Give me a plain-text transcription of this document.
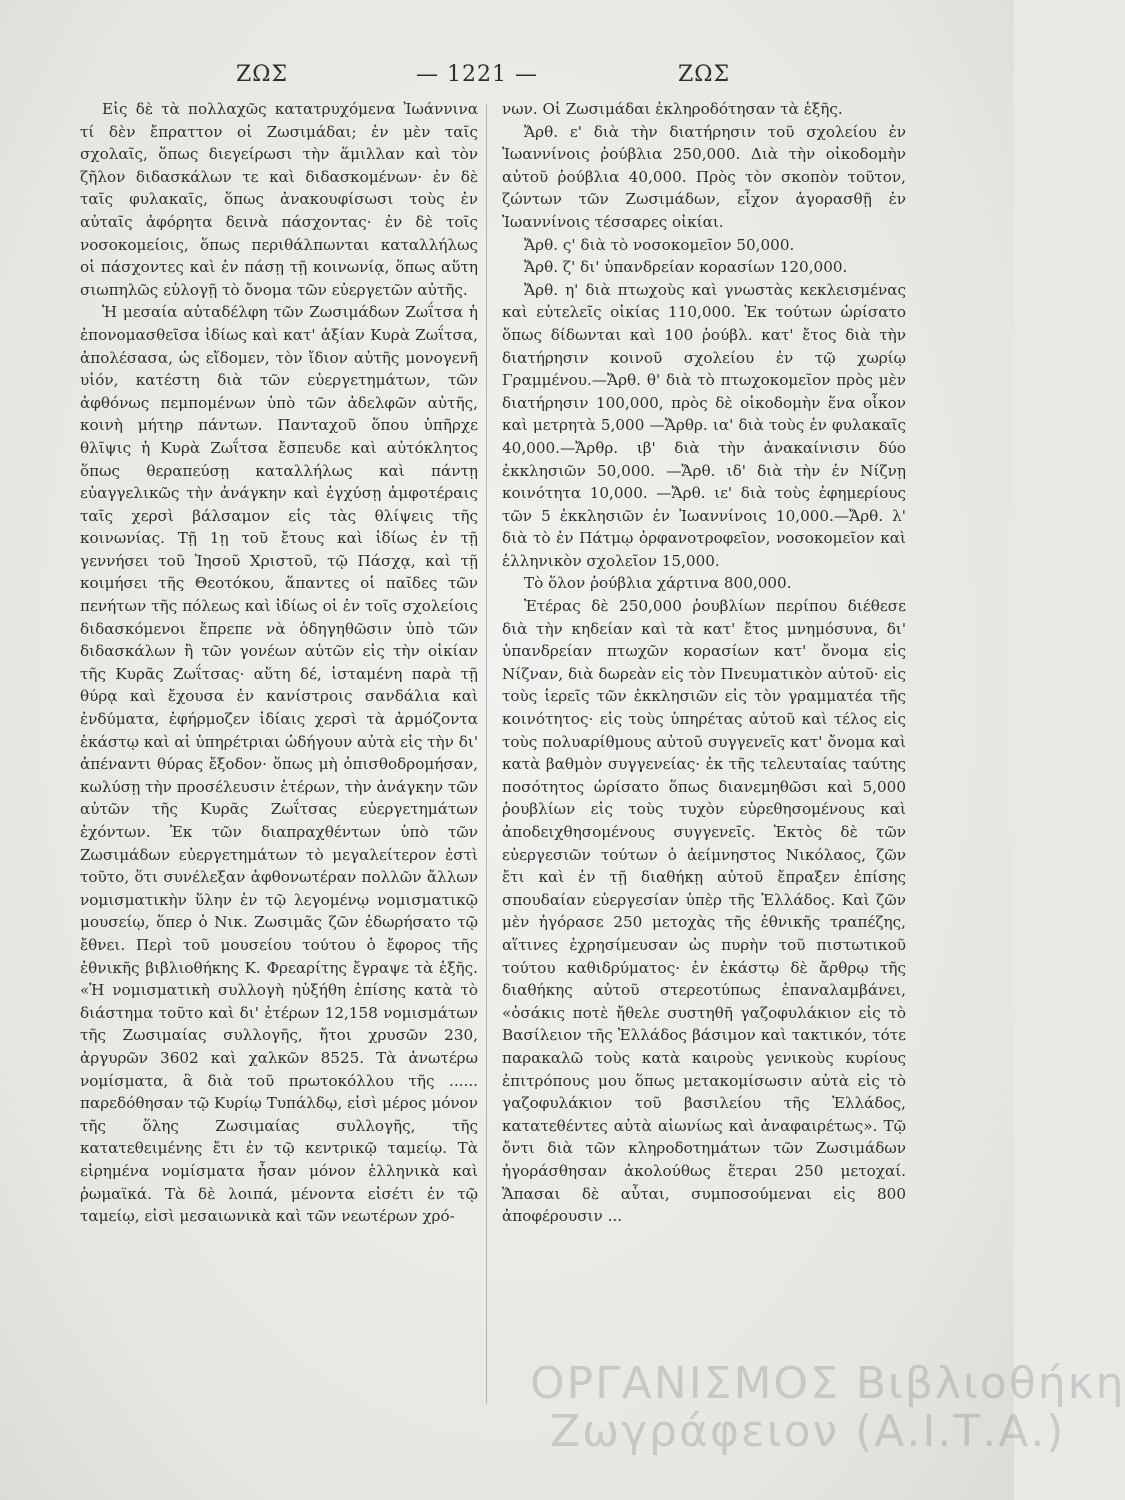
ΖΩΣ	— 1221 —	ΖΩΣ

Εἰς δὲ τὰ πολλαχῶς κατατρυχόμενα Ἰωάννινα τί δὲν ἔπραττον οἱ Ζωσιμάδαι; ἐν μὲν ταῖς σχολαῖς, ὅπως διεγείρωσι τὴν ἅμιλλαν καὶ τὸν ζῆλον διδασκάλων τε καὶ διδασκομένων· ἐν δὲ ταῖς φυλακαῖς, ὅπως ἀνακουφίσωσι τοὺς ἐν αὐταῖς ἀφόρητα δεινὰ πάσχοντας· ἐν δὲ τοῖς νοσοκομείοις, ὅπως περιθάλπωνται καταλλήλως οἱ πάσχοντες καὶ ἐν πάσῃ τῇ κοινωνίᾳ, ὅπως αὕτη σιωπηλῶς εὐλογῇ τὸ ὄνομα τῶν εὐεργετῶν αὐτῆς.

Ἡ μεσαία αὐταδέλφη τῶν Ζωσιμάδων Ζωΐτσα ἡ ἐπονομασθεῖσα ἰδίως καὶ κατ' ἀξίαν Κυρὰ Ζωΐτσα, ἀπολέσασα, ὡς εἴδομεν, τὸν ἴδιον αὐτῆς μονογενῆ υἱόν, κατέστη διὰ τῶν εὐεργετημάτων, τῶν ἀφθόνως πεμπομένων ὑπὸ τῶν ἀδελφῶν αὐτῆς, κοινὴ μήτηρ πάντων. Πανταχοῦ ὅπου ὑπῆρχε θλῖψις ἡ Κυρὰ Ζωΐτσα ἔσπευδε καὶ αὐτόκλητος ὅπως θεραπεύσῃ καταλλήλως καὶ πάντῃ εὐαγγελικῶς τὴν ἀνάγκην καὶ ἐγχύσῃ ἀμφοτέραις ταῖς χερσὶ βάλσαμον εἰς τὰς θλίψεις τῆς κοινωνίας. Τῇ 1ῃ τοῦ ἔτους καὶ ἰδίως ἐν τῇ γεννήσει τοῦ Ἰησοῦ Χριστοῦ, τῷ Πάσχᾳ, καὶ τῇ κοιμήσει τῆς Θεοτόκου, ἅπαντες οἱ παῖδες τῶν πενήτων τῆς πόλεως καὶ ἰδίως οἱ ἐν τοῖς σχολείοις διδασκόμενοι ἔπρεπε νὰ ὁδηγηθῶσιν ὑπὸ τῶν διδασκάλων ἢ τῶν γονέων αὐτῶν εἰς τὴν οἰκίαν τῆς Κυρᾶς Ζωΐτσας· αὕτη δέ, ἱσταμένη παρὰ τῇ θύρᾳ καὶ ἔχουσα ἐν κανίστροις σανδάλια καὶ ἐνδύματα, ἐφήρμοζεν ἰδίαις χερσὶ τὰ ἁρμόζοντα ἑκάστῳ καὶ αἱ ὑπηρέτριαι ὡδήγουν αὐτὰ εἰς τὴν δι' ἀπέναντι θύρας ἔξοδον· ὅπως μὴ ὀπισθοδρομήσαν, κωλύσῃ τὴν προσέλευσιν ἑτέρων, τὴν ἀνάγκην τῶν αὐτῶν τῆς Κυρᾶς Ζωΐτσας εὐεργετημάτων ἐχόντων. Ἐκ τῶν διαπραχθέντων ὑπὸ τῶν Ζωσιμάδων εὐεργετημάτων τὸ μεγαλείτερον ἐστὶ τοῦτο, ὅτι συνέλεξαν ἀφθονωτέραν πολλῶν ἄλλων νομισματικὴν ὕλην ἐν τῷ λεγομένῳ νομισματικῷ μουσείῳ, ὅπερ ὁ Νικ. Ζωσιμᾶς ζῶν ἐδωρήσατο τῷ ἔθνει. Περὶ τοῦ μουσείου τούτου ὁ ἔφορος τῆς ἐθνικῆς βιβλιοθήκης Κ. Φρεαρίτης ἔγραψε τὰ ἑξῆς. «Ἡ νομισματικὴ συλλογὴ ηὐξήθη ἐπίσης κατὰ τὸ διάστημα τοῦτο καὶ δι' ἑτέρων 12,158 νομισμάτων τῆς Ζωσιμαίας συλλογῆς, ἤτοι χρυσῶν 230, ἀργυρῶν 3602 καὶ χαλκῶν 8525. Τὰ ἀνωτέρω νομίσματα, ἃ διὰ τοῦ πρωτοκόλλου τῆς ...... παρεδόθησαν τῷ Κυρίῳ Τυπάλδῳ, εἰσὶ μέρος μόνον τῆς ὅλης Ζωσιμαίας συλλογῆς, τῆς κατατεθειμένης ἔτι ἐν τῷ κεντρικῷ ταμείῳ. Τὰ εἰρημένα νομίσματα ἦσαν μόνον ἑλληνικὰ καὶ ῥωμαϊκά. Τὰ δὲ λοιπά, μένοντα εἰσέτι ἐν τῷ ταμείῳ, εἰσὶ μεσαιωνικὰ καὶ τῶν νεωτέρων χρό-

νων. Οἱ Ζωσιμάδαι ἐκληροδότησαν τὰ ἑξῆς.

Ἄρθ. ε' διὰ τὴν διατήρησιν τοῦ σχολείου ἐν Ἰωαννίνοις ῥούβλια 250,000. Διὰ τὴν οἰκοδομὴν αὐτοῦ ῥούβλια 40,000. Πρὸς τὸν σκοπὸν τοῦτον, ζώντων τῶν Ζωσιμάδων, εἶχον ἀγορασθῇ ἐν Ἰωαννίνοις τέσσαρες οἰκίαι.

Ἄρθ. ς' διὰ τὸ νοσοκομεῖον 50,000.

Ἄρθ. ζ' δι' ὑπανδρείαν κορασίων 120,000.

Ἄρθ. η' διὰ πτωχοὺς καὶ γνωστὰς κεκλεισμένας καὶ εὐτελεῖς οἰκίας 110,000. Ἐκ τούτων ὡρίσατο ὅπως δίδωνται καὶ 100 ῥούβλ. κατ' ἔτος διὰ τὴν διατήρησιν κοινοῦ σχολείου ἐν τῷ χωρίῳ Γραμμένου.—Ἄρθ. θ' διὰ τὸ πτωχοκομεῖον πρὸς μὲν διατήρησιν 100,000, πρὸς δὲ οἰκοδομὴν ἕνα οἶκον καὶ μετρητὰ 5,000 —Ἄρθρ. ια' διὰ τοὺς ἐν φυλακαῖς 40,000.—Ἄρθρ. ιβ' διὰ τὴν ἀνακαίνισιν δύο ἐκκλησιῶν 50,000. —Ἄρθ. ιδ' διὰ τὴν ἐν Νίζνῃ κοινότητα 10,000. —Ἄρθ. ιε' διὰ τοὺς ἐφημερίους τῶν 5 ἐκκλησιῶν ἐν Ἰωαννίνοις 10,000.—Ἄρθ. λ' διὰ τὸ ἐν Πάτμῳ ὀρφανοτροφεῖον, νοσοκομεῖον καὶ ἑλληνικὸν σχολεῖον 15,000.

Τὸ ὅλον ῥούβλια χάρτινα 800,000.

Ἑτέρας δὲ 250,000 ῥουβλίων περίπου διέθεσε διὰ τὴν κηδείαν καὶ τὰ κατ' ἔτος μνημόσυνα, δι' ὑπανδρείαν πτωχῶν κορασίων κατ' ὄνομα εἰς Νίζναν, διὰ δωρεὰν εἰς τὸν Πνευματικὸν αὐτοῦ· εἰς τοὺς ἱερεῖς τῶν ἐκκλησιῶν εἰς τὸν γραμματέα τῆς κοινότητος· εἰς τοὺς ὑπηρέτας αὐτοῦ καὶ τέλος εἰς τοὺς πολυαρίθμους αὐτοῦ συγγενεῖς κατ' ὄνομα καὶ κατὰ βαθμὸν συγγενείας· ἐκ τῆς τελευταίας ταύτης ποσότητος ὡρίσατο ὅπως διανεμηθῶσι καὶ 5,000 ῥουβλίων εἰς τοὺς τυχὸν εὑρεθησομένους καὶ ἀποδειχθησομένους συγγενεῖς. Ἐκτὸς δὲ τῶν εὐεργεσιῶν τούτων ὁ ἀείμνηστος Νικόλαος, ζῶν ἔτι καὶ ἐν τῇ διαθήκῃ αὐτοῦ ἔπραξεν ἐπίσης σπουδαίαν εὐεργεσίαν ὑπὲρ τῆς Ἑλλάδος. Καὶ ζῶν μὲν ἠγόρασε 250 μετοχὰς τῆς ἐθνικῆς τραπέζης, αἵτινες ἐχρησίμευσαν ὡς πυρὴν τοῦ πιστωτικοῦ τούτου καθιδρύματος· ἐν ἑκάστῳ δὲ ἄρθρῳ τῆς διαθήκης αὐτοῦ στερεοτύπως ἐπαναλαμβάνει, «ὁσάκις ποτὲ ἤθελε συστηθῆ γαζοφυλάκιον εἰς τὸ Βασίλειον τῆς Ἑλλάδος βάσιμον καὶ τακτικόν, τότε παρακαλῶ τοὺς κατὰ καιροὺς γενικοὺς κυρίους ἐπιτρόπους μου ὅπως μετακομίσωσιν αὐτὰ εἰς τὸ γαζοφυλάκιον τοῦ βασιλείου τῆς Ἑλλάδος, κατατεθέντες αὐτὰ αἰωνίως καὶ ἀναφαιρέτως». Τῷ ὄντι διὰ τῶν κληροδοτημάτων τῶν Ζωσιμάδων ἠγοράσθησαν ἀκολούθως ἕτεραι 250 μετοχαί. Ἅπασαι δὲ αὗται, συμποσούμεναι εἰς 800 ἀποφέρουσιν ...

ΟΡΓΑΝΙΣΜΟΣ Βιβλιοθήκη
Ζωγράφειον (Α.Ι.Τ.Α.)
